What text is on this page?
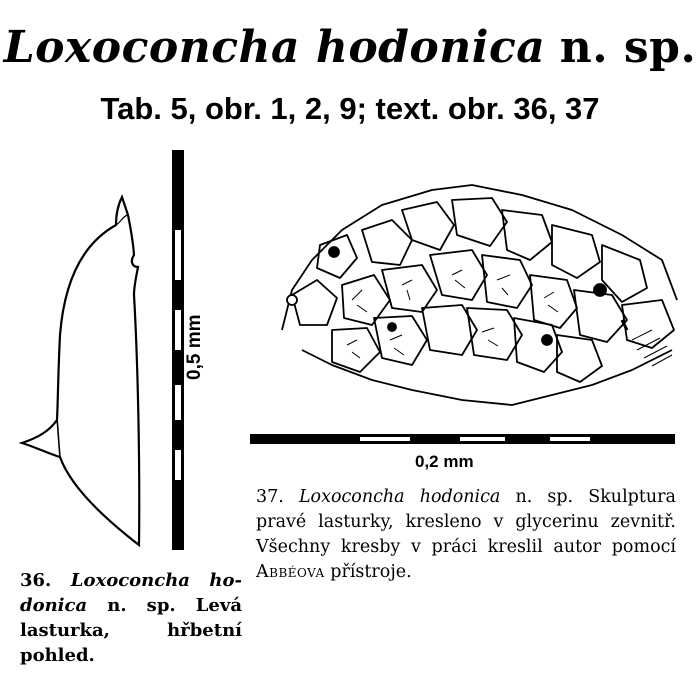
Loxoconcha hodonica n. sp.
Tab. 5, obr. 1, 2, 9; text. obr. 36, 37
0,5 mm
0,2 mm
37. Loxoconcha hodonica n. sp. Skulptura pravé lasturky, kresleno v glycerinu zevnitř. Všechny kresby v práci kreslil autor pomocí Abbéova přístroje.
36. Loxoconcha ho- donica n. sp. Levá lasturka, hřbetní pohled.
